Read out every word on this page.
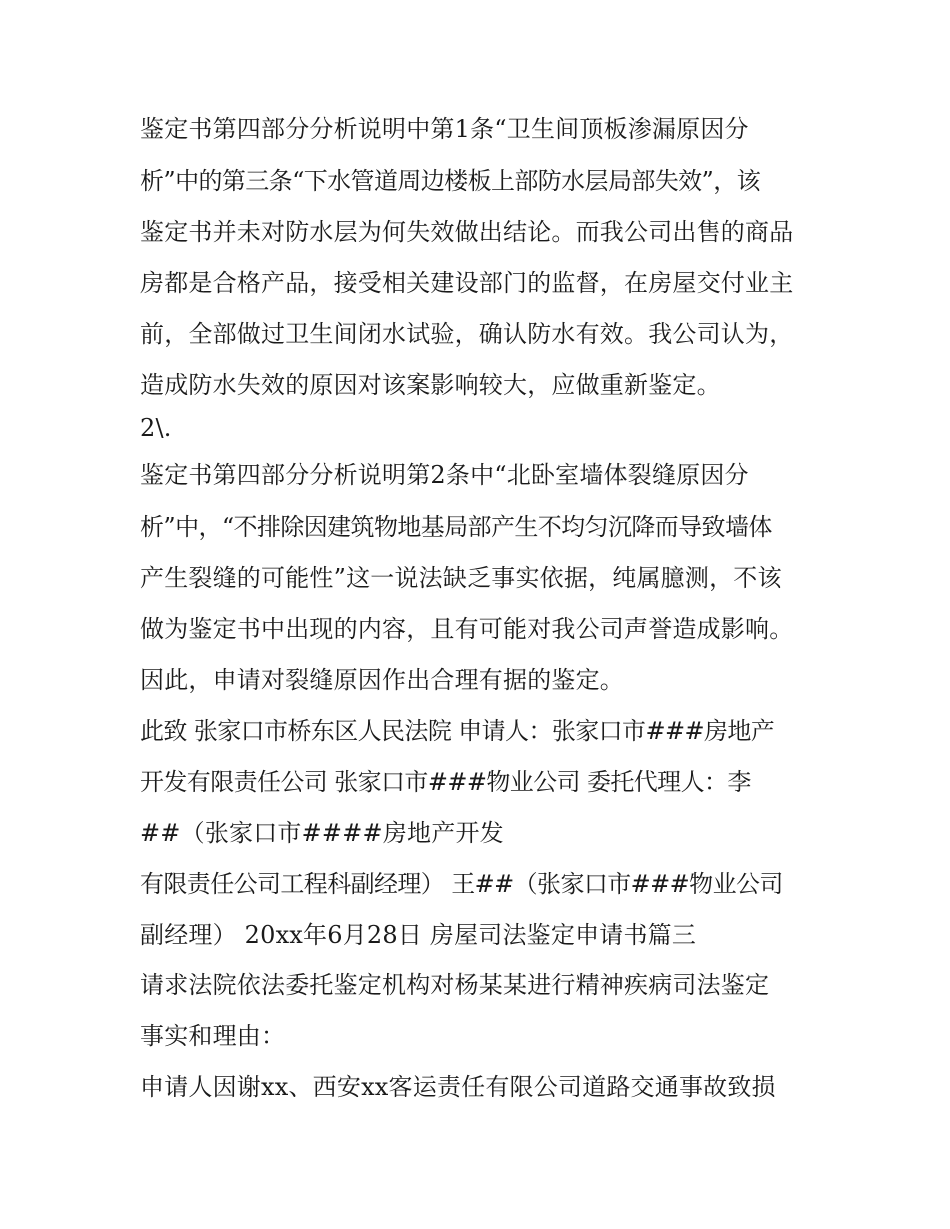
鉴定书第四部分分析说明中第1条“卫生间顶板渗漏原因分
析”中的第三条“下水管道周边楼板上部防水层局部失效”，该
鉴定书并未对防水层为何失效做出结论。而我公司出售的商品
房都是合格产品，接受相关建设部门的监督，在房屋交付业主
前，全部做过卫生间闭水试验，确认防水有效。我公司认为，
造成防水失效的原因对该案影响较大，应做重新鉴定。
2\.
鉴定书第四部分分析说明第2条中“北卧室墙体裂缝原因分
析”中，“不排除因建筑物地基局部产生不均匀沉降而导致墙体
产生裂缝的可能性”这一说法缺乏事实依据，纯属臆测，不该
做为鉴定书中出现的内容，且有可能对我公司声誉造成影响。
因此，申请对裂缝原因作出合理有据的鉴定。
此致 张家口市桥东区人民法院 申请人：张家口市###房地产
开发有限责任公司 张家口市###物业公司 委托代理人：李
##（张家口市####房地产开发
有限责任公司工程科副经理） 王##（张家口市###物业公司
副经理） 20xx年6月28日 房屋司法鉴定申请书篇三
请求法院依法委托鉴定机构对杨某某进行精神疾病司法鉴定
事实和理由：
申请人因谢xx、西安xx客运责任有限公司道路交通事故致损
